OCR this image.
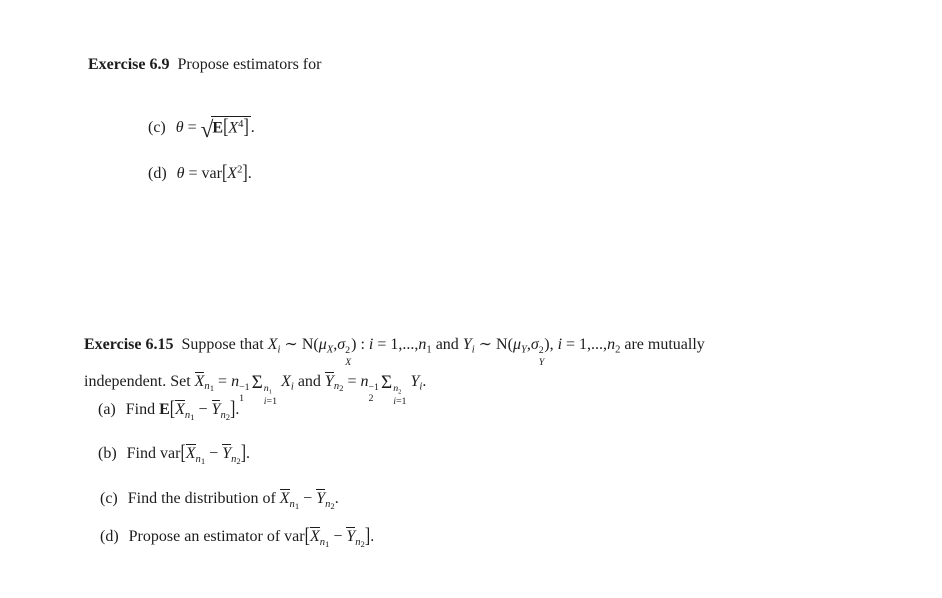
Exercise 6.9 Propose estimators for
(c) $\theta = √E[X^4]$ .
(d) $\theta = var[X^2]$.
Exercise 6.15 Suppose that $X_i$ ∼ $N(\mu_X,\sigma$ 2
X
) : $i = 1,...,n_1$ and $Y_i$ ∼ $N(\mu_Y,\sigma$ 2
Y
), $i = 1,...,n_2$ are mutually
independent. Set $X_{n_1} = n -1$
1
Σ $n_1$
i=1
$X_i$ and $Y_{n_2} = n -1$
2
Σ $n_2$
i=1
$Y_i$.
(a) Find $E[X_{n_1} - Y_{n_2}]$.
(b) Find $var[X_{n_1} - Y_{n_2}]$.
(c) Find the distribution of $X_{n_1} - Y_{n_2}$.
(d) Propose an estimator of $var[X_{n_1} - Y_{n_2}]$.
